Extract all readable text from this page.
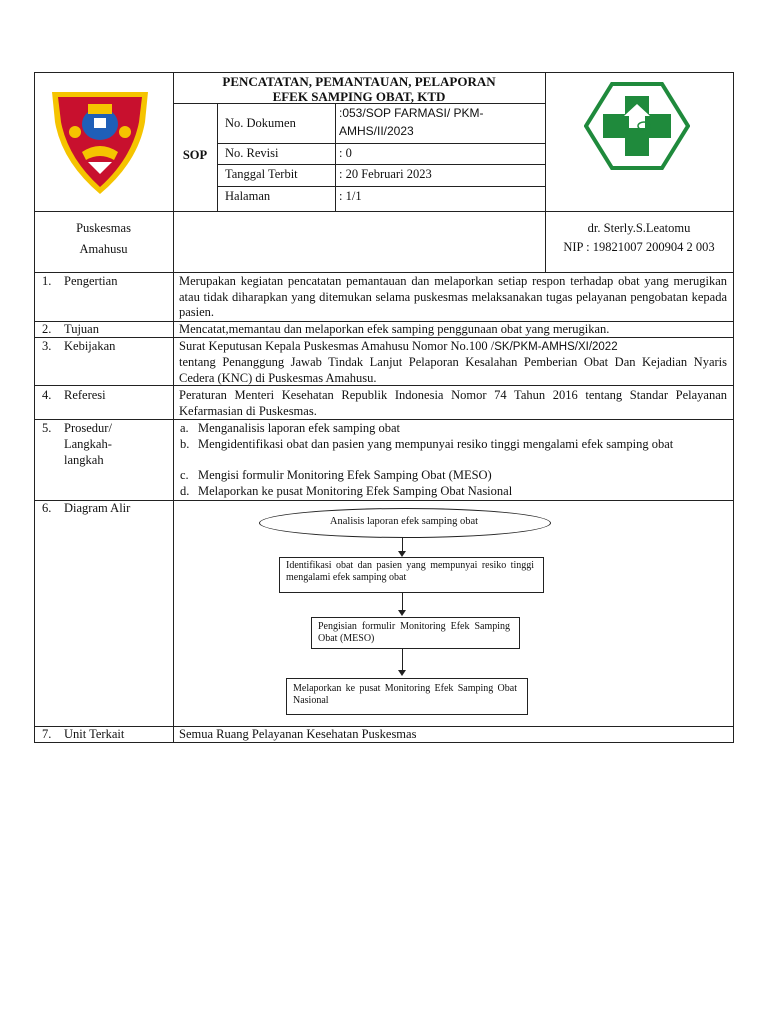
PENCATATAN, PEMANTAUAN, PELAPORAN
EFEK SAMPING OBAT, KTD
SOP
No. Dokumen
:053/SOP FARMASI/ PKM-
AMHS/II/2023
No. Revisi	: 0
Tanggal Terbit	: 20 Februari 2023
Halaman	: 1/1
Puskesmas
Amahusu
dr. Sterly.S.Leatomu
NIP : 19821007 200904 2 003
1. Pengertian	Merupakan kegiatan pencatatan pemantauan dan melaporkan setiap respon terhadap obat yang merugikan atau tidak diharapkan yang ditemukan selama puskesmas melaksanakan tugas pelayanan pengobatan kepada pasien.
2. Tujuan	Mencatat,memantau dan melaporkan efek samping penggunaan obat yang merugikan.
3. Kebijakan	Surat Keputusan Kepala Puskesmas Amahusu Nomor No.100 /SK/PKM-AMHS/XI/2022
tentang Penanggung Jawab Tindak Lanjut Pelaporan Kesalahan Pemberian Obat Dan Kejadian Nyaris Cedera (KNC) di Puskesmas Amahusu.
4. Referesi	Peraturan Menteri Kesehatan Republik Indonesia Nomor 74 Tahun 2016 tentang Standar Pelayanan Kefarmasian di Puskesmas.
5. Prosedur/
Langkah-
langkah
a. Menganalisis laporan efek samping obat
b. Mengidentifikasi obat dan pasien yang mempunyai resiko tinggi mengalami efek samping obat
c. Mengisi formulir Monitoring Efek Samping Obat (MESO)
d. Melaporkan ke pusat Monitoring Efek Samping Obat Nasional
6. Diagram Alir
Analisis laporan efek samping obat
Identifikasi obat dan pasien yang mempunyai resiko tinggi mengalami efek samping obat
Pengisian formulir Monitoring Efek Samping Obat (MESO)
Melaporkan ke pusat Monitoring Efek Samping Obat Nasional
7. Unit Terkait	Semua Ruang Pelayanan Kesehatan Puskesmas
